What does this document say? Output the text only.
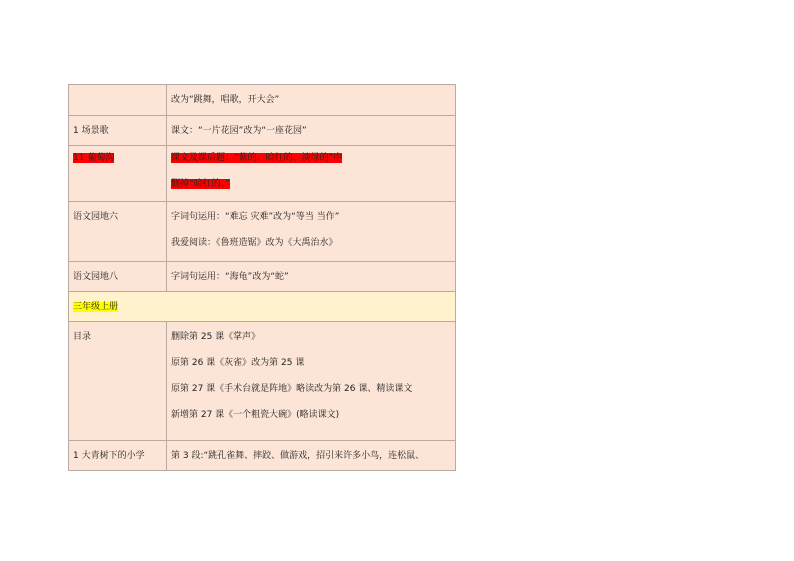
	改为“跳舞，唱歌，开大会”

1 场景歌	课文：“一片花园”改为“一座花园”

11 葡萄沟	课文及课后题：“紫的、暗红的、淡绿的”中
删掉“暗红的、”

语文园地六	字词句运用：“难忘 灾难”改为“等当 当作”
我爱阅读：《鲁班造锯》改为《大禹治水》

语文园地八	字词句运用：“海龟”改为“蛇”

三年级上册	

目录	删除第 25 课《掌声》
原第 26 课《灰雀》改为第 25 课
原第 27 课《手术台就是阵地》略读改为第 26 课、精读课文
新增第 27 课《一个粗瓷大碗》(略读课文)

1 大青树下的小学	第 3 段:“跳孔雀舞、摔跤、做游戏，招引来许多小鸟，连松鼠、
